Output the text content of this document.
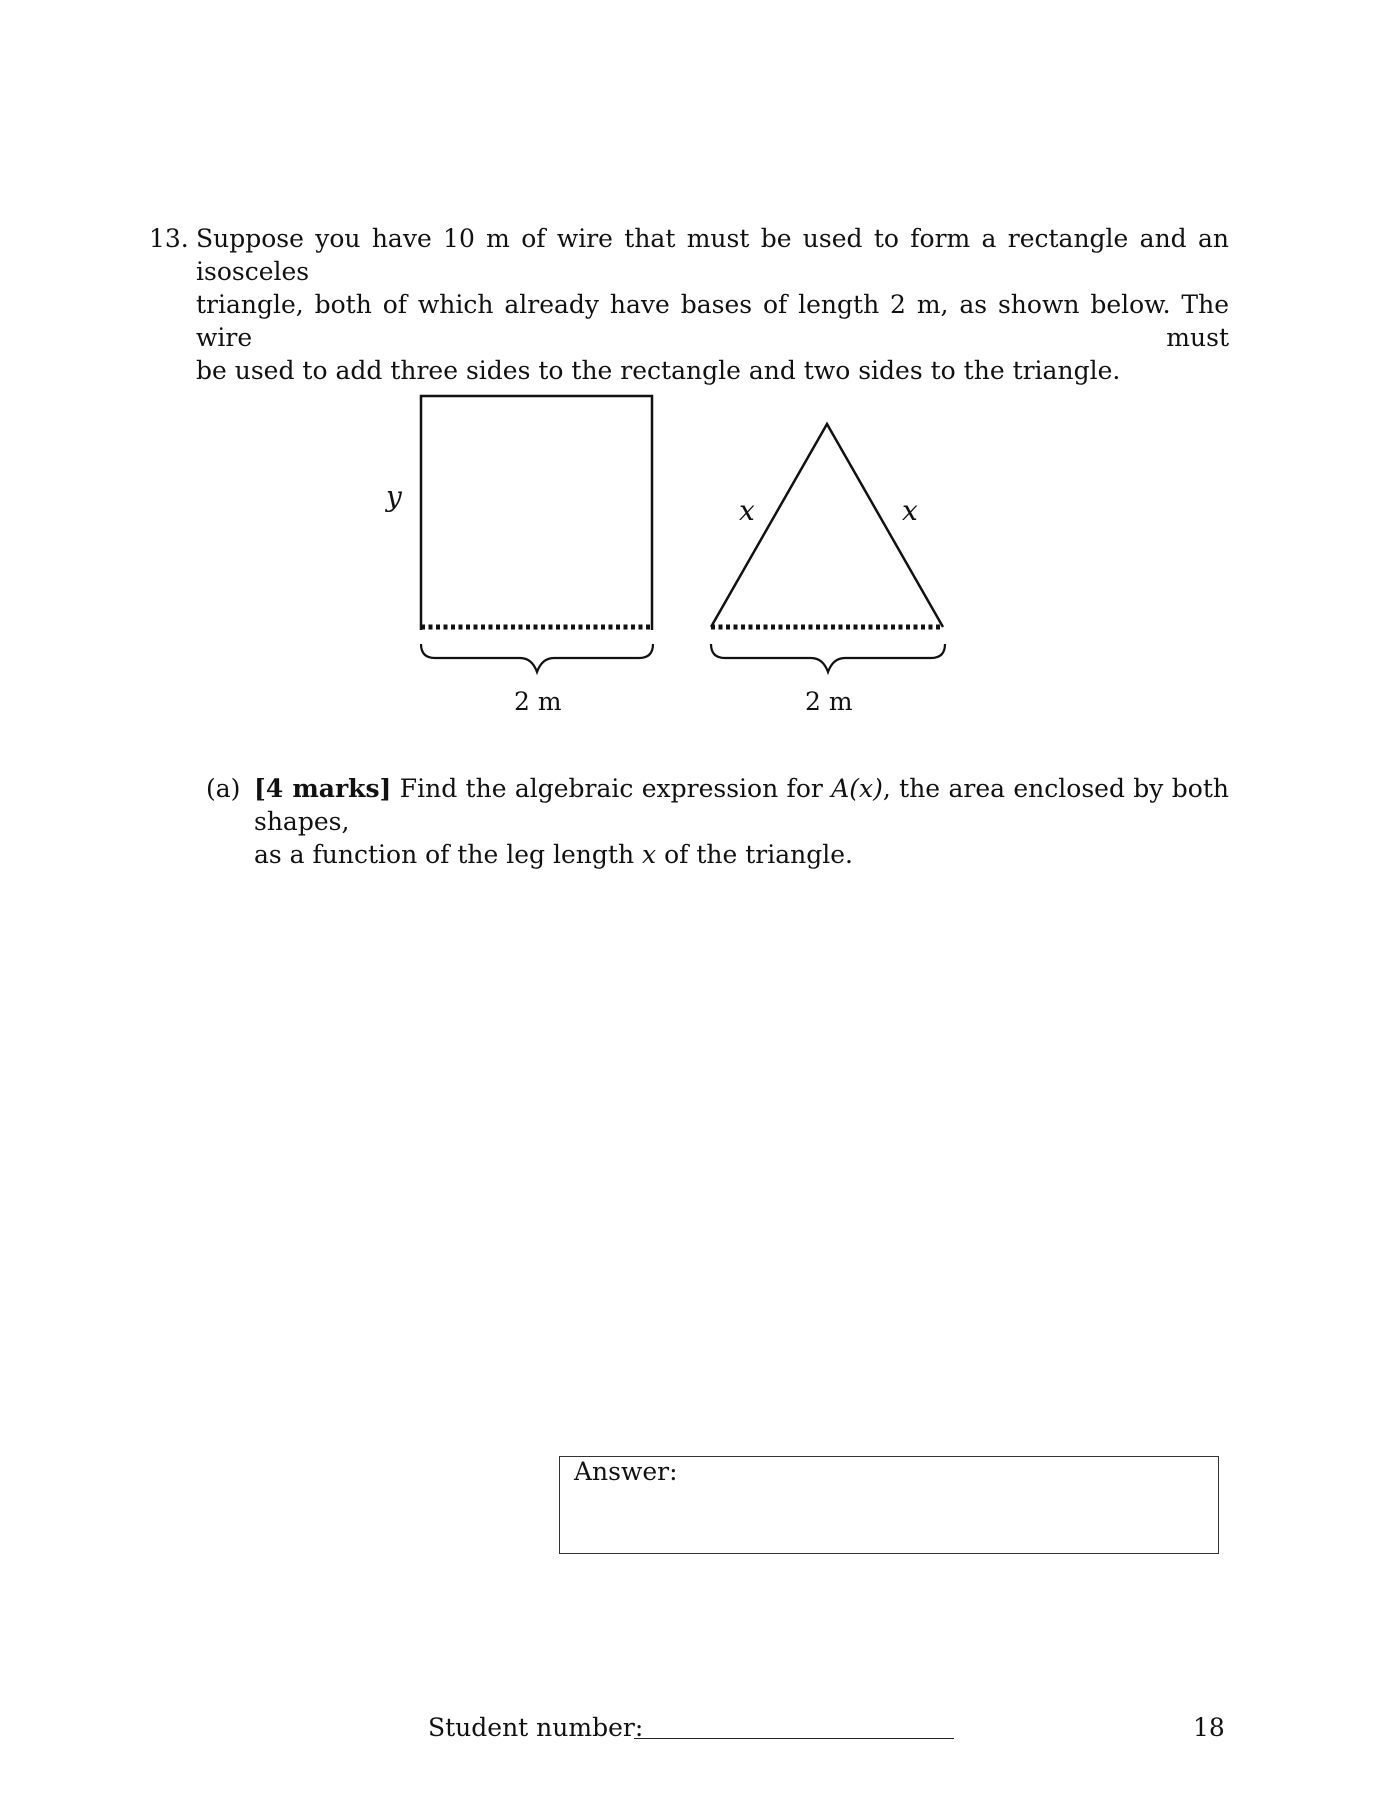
13. Suppose you have 10 m of wire that must be used to form a rectangle and an isosceles
triangle, both of which already have bases of length 2 m, as shown below. The wire must
be used to add three sides to the rectangle and two sides to the triangle.
y	x	x
2 m	2 m
(a) [4 marks] Find the algebraic expression for A(x), the area enclosed by both shapes,
as a function of the leg length x of the triangle.
Answer:
Student number:	18
